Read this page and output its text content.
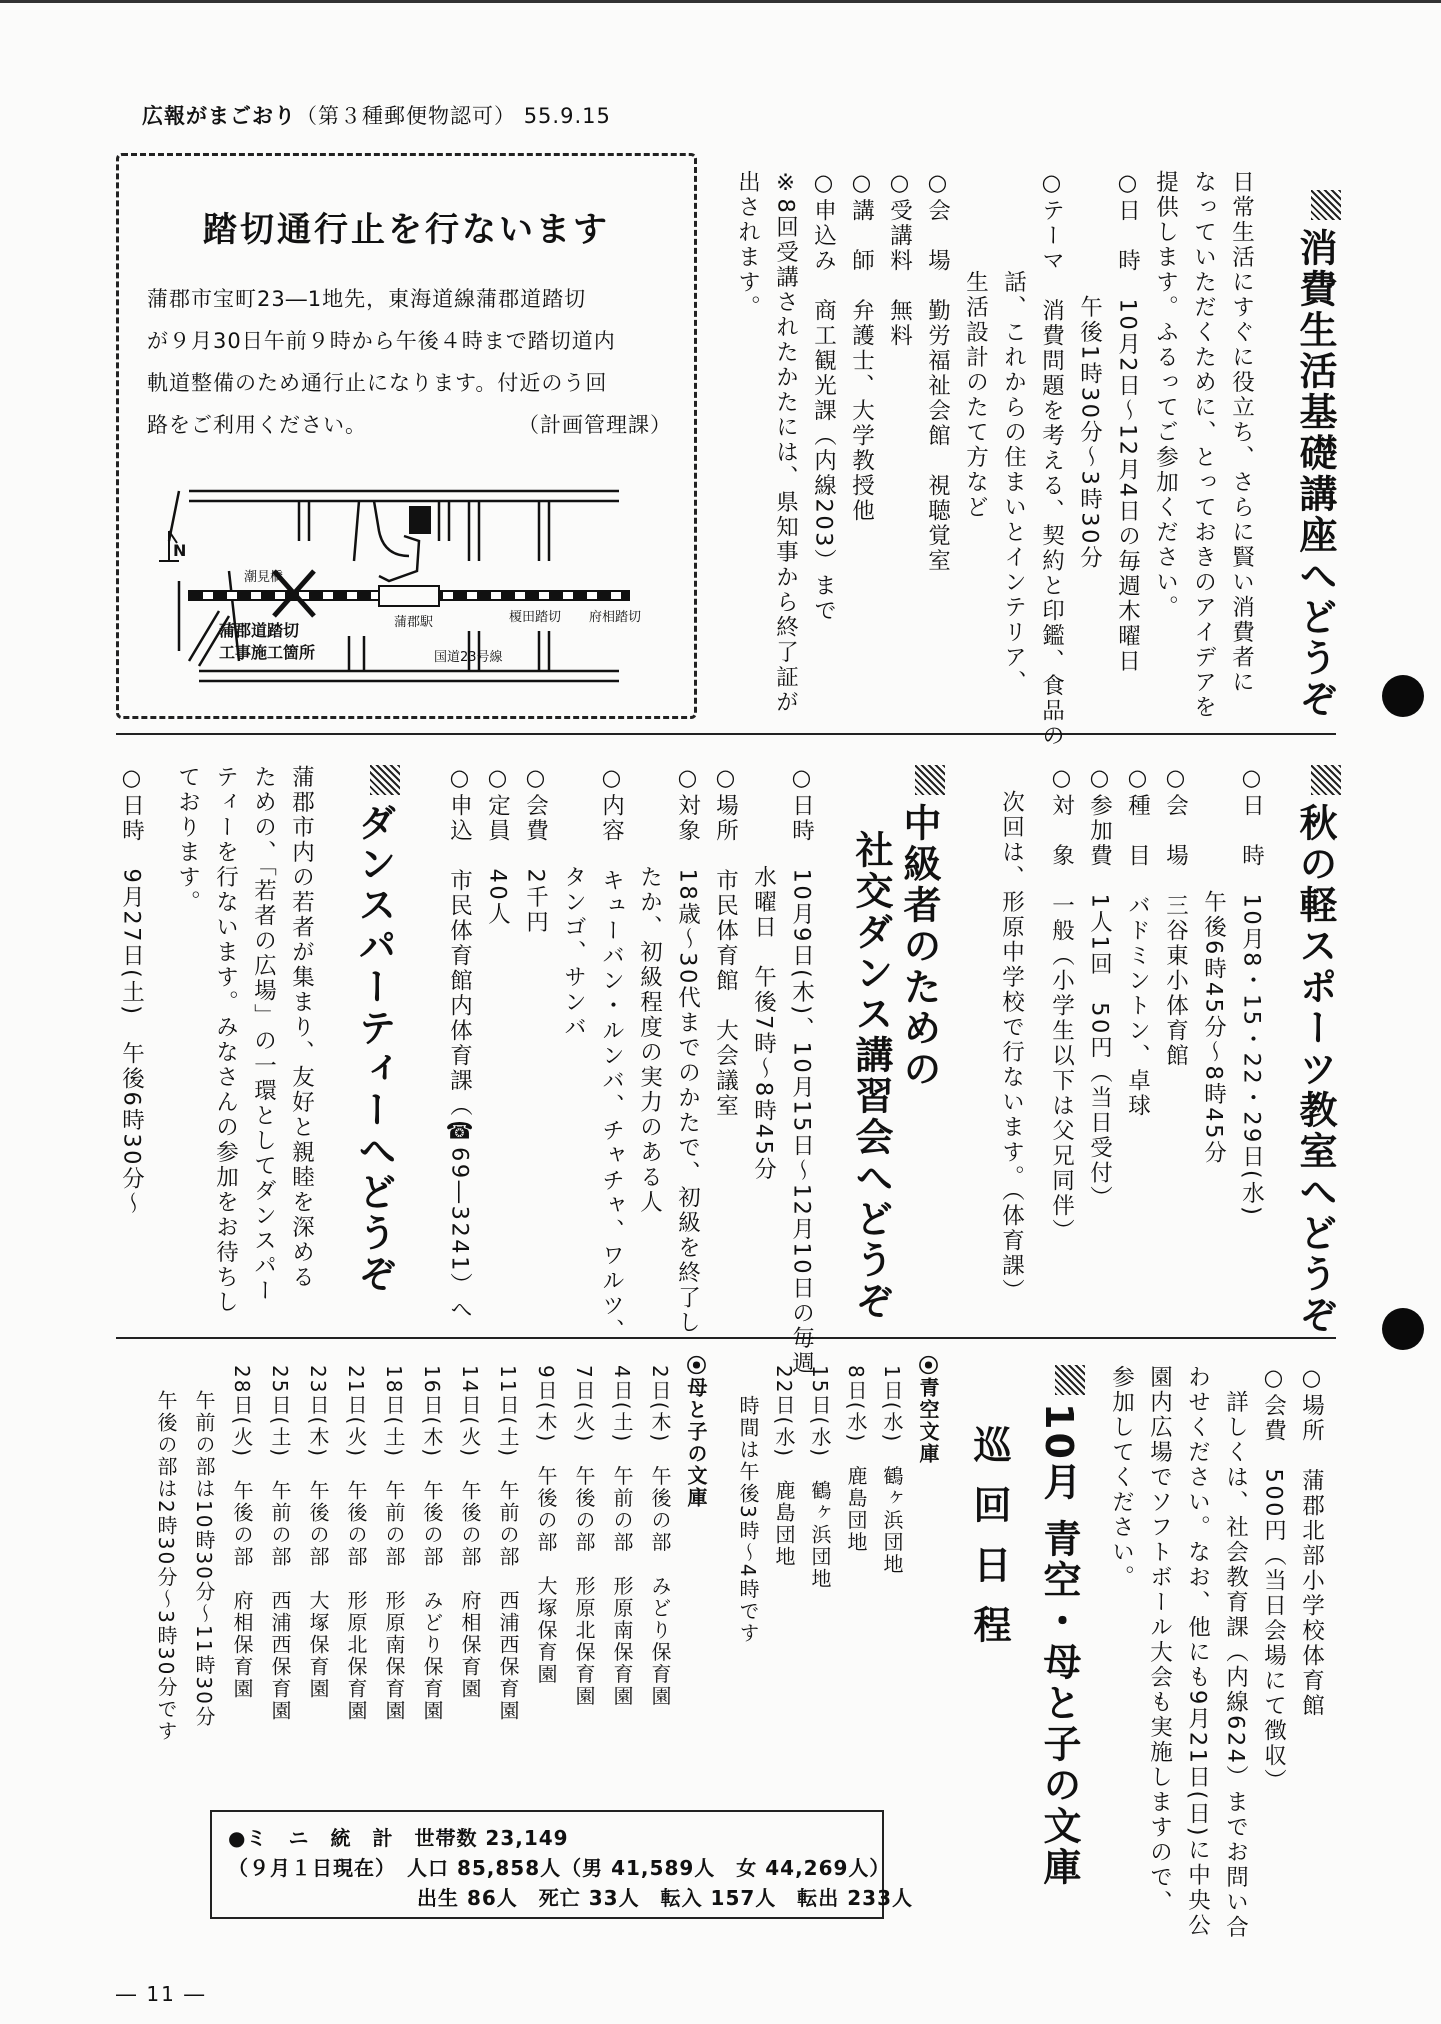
広報がまごおり（第３種郵便物認可） 55.9.15
消費生活基礎講座へどうぞ
日常生活にすぐに役立ち、さらに賢い消費者に
なっていただくために、とっておきのアイデアを
提供します。ふるってご参加ください。
○日　時　10月2日～12月4日の毎週木曜日
　　　　　午後1時30分～3時30分
○テーマ　消費問題を考える、契約と印鑑、食品の
　　　　話、これからの住まいとインテリア、
　　　　生活設計のたて方など
○会　場　勤労福祉会館　視聴覚室
○受講料　無料
○講　師　弁護士、大学教授他
○申込み　商工観光課（内線203）まで
※8回受講されたかたには、県知事から終了証が
出されます。
踏切通行止を行ないます
蒲郡市宝町23―1地先，東海道線蒲郡道踏切
が９月30日午前９時から午後４時まで踏切道内
軌道整備のため通行止になります。付近のう回
路をご利用ください。	（計画管理課）
N
潮見橋
蒲郡駅	榎田踏切 府相踏切
国道23号線
蒲郡道踏切
工事施工箇所
秋の軽スポーツ教室へどうぞ
○日　時　10月8・15・22・29日(水)
　　　　　午後6時45分～8時45分
○会　場　三谷東小体育館
○種　目　バドミントン、卓球
○参加費　1人1回　50円（当日受付）
○対　象　一般（小学生以下は父兄同伴）
　次回は、形原中学校で行ないます。（体育課）
中級者のための
社交ダンス講習会へどうぞ
○日時　10月9日(木)、10月15日～12月10日の毎週
　　　　水曜日　午後7時～8時45分
○場所　市民体育館　大会議室
○対象　18歳～30代までのかたで、初級を終了し
　　　　たか、初級程度の実力のある人
○内容　キューバン・ルンバ、チャチャ、ワルツ、
　　　　タンゴ、サンバ
○会費　2千円
○定員　40人
○申込　市民体育館内体育課（☎69―3241）へ
ダンスパーティーへどうぞ
蒲郡市内の若者が集まり、友好と親睦を深める
ための、「若者の広場」の一環としてダンスパー
ティーを行ないます。みなさんの参加をお待ちし
ております。
○日時　9月27日(土)　午後6時30分～
○場所　蒲郡北部小学校体育館
○会費　500円（当日会場にて徴収）
　詳しくは、社会教育課（内線624）までお問い合
わせください。なお、他にも9月21日(日)に中央公
園内広場でソフトボール大会も実施しますので、
参加してください。
10月 青空・母と子の文庫
巡回日程
⦿青空文庫
1日(水)　鶴ヶ浜団地
8日(水)　鹿島団地
15日(水)　鶴ヶ浜団地
22日(水)　鹿島団地
時間は午後3時～4時です
⦿母と子の文庫
2日(木)　午後の部　みどり保育園
4日(土)　午前の部　形原南保育園
7日(火)　午後の部　形原北保育園
9日(木)　午後の部　大塚保育園
11日(土)　午前の部　西浦西保育園
14日(火)　午後の部　府相保育園
16日(木)　午後の部　みどり保育園
18日(土)　午前の部　形原南保育園
21日(火)　午後の部　形原北保育園
23日(木)　午後の部　大塚保育園
25日(土)　午前の部　西浦西保育園
28日(火)　午後の部　府相保育園
午前の部は10時30分～11時30分
午後の部は2時30分～3時30分です
●ミ　ニ　統　計　 世帯数 23,149
（９月１日現在）　 人口 85,858人（男 41,589人　女 44,269人）
出生 86人　死亡 33人　転入 157人　転出 233人
― 11 ―
